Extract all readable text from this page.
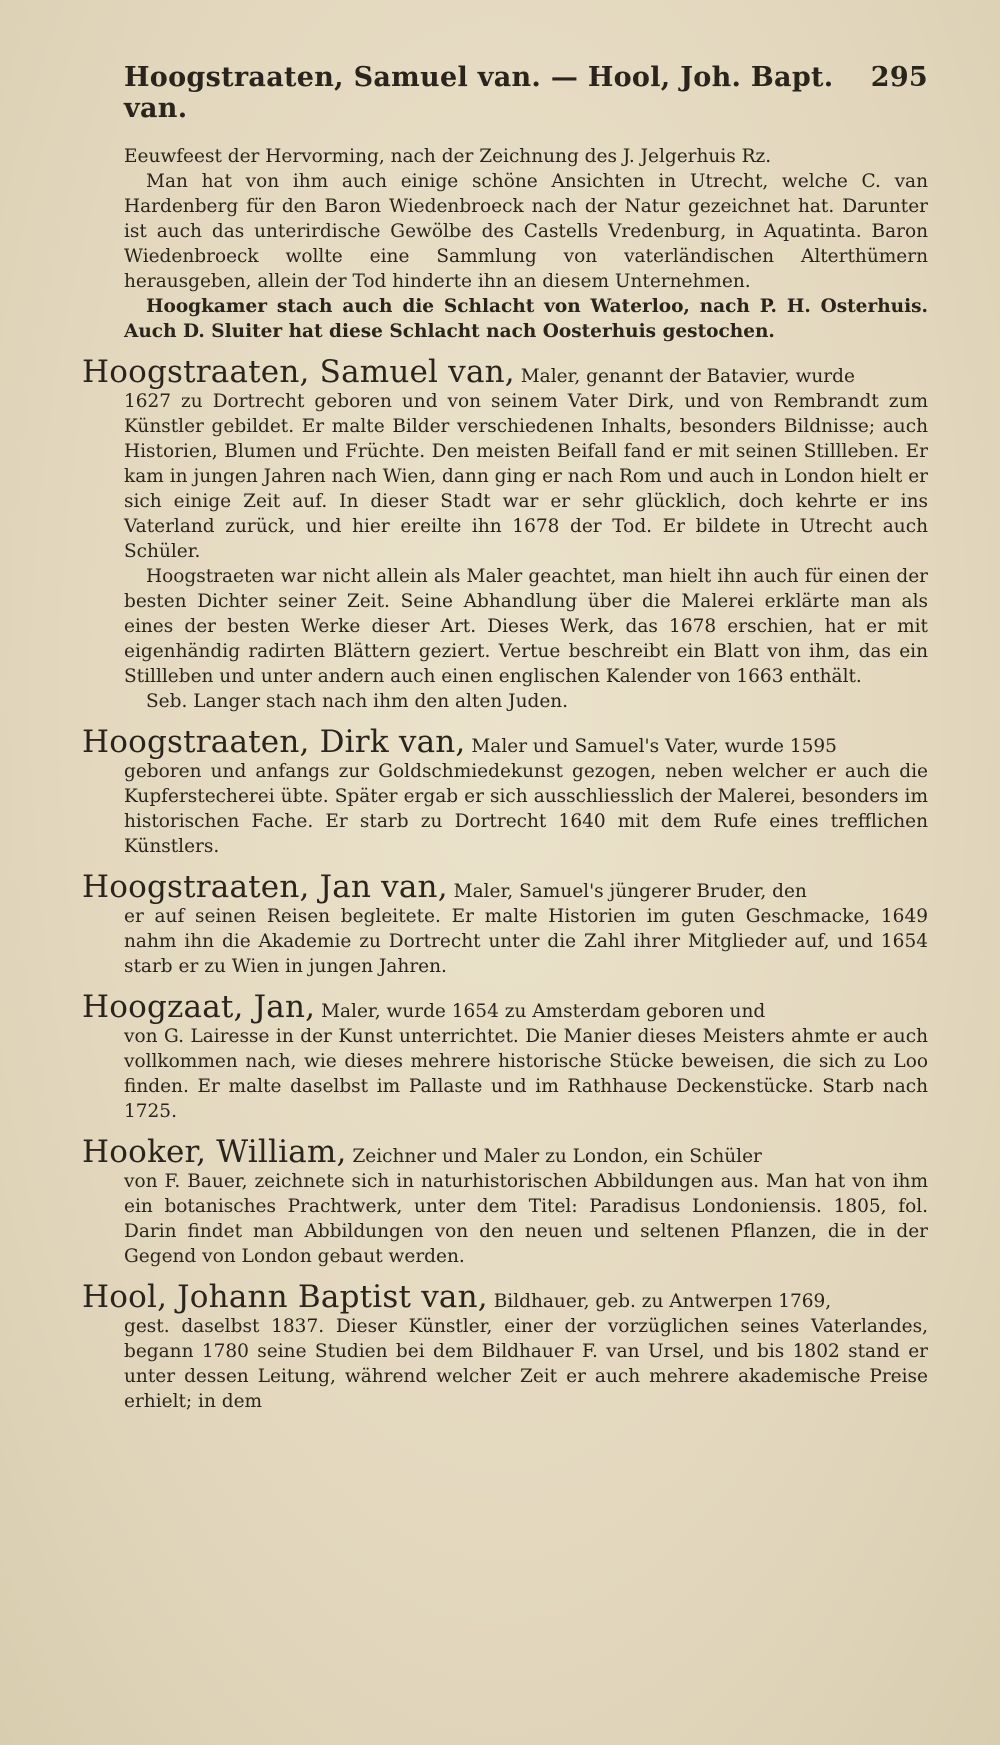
Hoogstraaten, Samuel van. — Hool, Joh. Bapt. van.
295

Eeuwfeest der Hervorming, nach der Zeichnung des J. Jelgerhuis Rz.

Man hat von ihm auch einige schöne Ansichten in Utrecht, welche C. van Hardenberg für den Baron Wiedenbroeck nach der Natur gezeichnet hat. Darunter ist auch das unterirdische Gewölbe des Castells Vredenburg, in Aquatinta. Baron Wiedenbroeck wollte eine Sammlung von vaterländischen Alterthümern herausgeben, allein der Tod hinderte ihn an diesem Unternehmen.

Hoogkamer stach auch die Schlacht von Waterloo, nach P. H. Osterhuis. Auch D. Sluiter hat diese Schlacht nach Oosterhuis gestochen.

Hoogstraaten, Samuel van, Maler, genannt der Batavier, wurde

1627 zu Dortrecht geboren und von seinem Vater Dirk, und von Rembrandt zum Künstler gebildet. Er malte Bilder verschiedenen Inhalts, besonders Bildnisse; auch Historien, Blumen und Früchte. Den meisten Beifall fand er mit seinen Stillleben. Er kam in jungen Jahren nach Wien, dann ging er nach Rom und auch in London hielt er sich einige Zeit auf. In dieser Stadt war er sehr glücklich, doch kehrte er ins Vaterland zurück, und hier ereilte ihn 1678 der Tod. Er bildete in Utrecht auch Schüler.

Hoogstraeten war nicht allein als Maler geachtet, man hielt ihn auch für einen der besten Dichter seiner Zeit. Seine Abhandlung über die Malerei erklärte man als eines der besten Werke dieser Art. Dieses Werk, das 1678 erschien, hat er mit eigenhändig radirten Blättern geziert. Vertue beschreibt ein Blatt von ihm, das ein Stillleben und unter andern auch einen englischen Kalender von 1663 enthält.

Seb. Langer stach nach ihm den alten Juden.

Hoogstraaten, Dirk van, Maler und Samuel's Vater, wurde 1595

geboren und anfangs zur Goldschmiedekunst gezogen, neben welcher er auch die Kupferstecherei übte. Später ergab er sich ausschliesslich der Malerei, besonders im historischen Fache. Er starb zu Dortrecht 1640 mit dem Rufe eines trefflichen Künstlers.

Hoogstraaten, Jan van, Maler, Samuel's jüngerer Bruder, den

er auf seinen Reisen begleitete. Er malte Historien im guten Geschmacke, 1649 nahm ihn die Akademie zu Dortrecht unter die Zahl ihrer Mitglieder auf, und 1654 starb er zu Wien in jungen Jahren.

Hoogzaat, Jan, Maler, wurde 1654 zu Amsterdam geboren und

von G. Lairesse in der Kunst unterrichtet. Die Manier dieses Meisters ahmte er auch vollkommen nach, wie dieses mehrere historische Stücke beweisen, die sich zu Loo finden. Er malte daselbst im Pallaste und im Rathhause Deckenstücke. Starb nach 1725.

Hooker, William, Zeichner und Maler zu London, ein Schüler

von F. Bauer, zeichnete sich in naturhistorischen Abbildungen aus. Man hat von ihm ein botanisches Prachtwerk, unter dem Titel: Paradisus Londoniensis. 1805, fol. Darin findet man Abbildungen von den neuen und seltenen Pflanzen, die in der Gegend von London gebaut werden.

Hool, Johann Baptist van, Bildhauer, geb. zu Antwerpen 1769,

gest. daselbst 1837. Dieser Künstler, einer der vorzüglichen seines Vaterlandes, begann 1780 seine Studien bei dem Bildhauer F. van Ursel, und bis 1802 stand er unter dessen Leitung, während welcher Zeit er auch mehrere akademische Preise erhielt; in dem
